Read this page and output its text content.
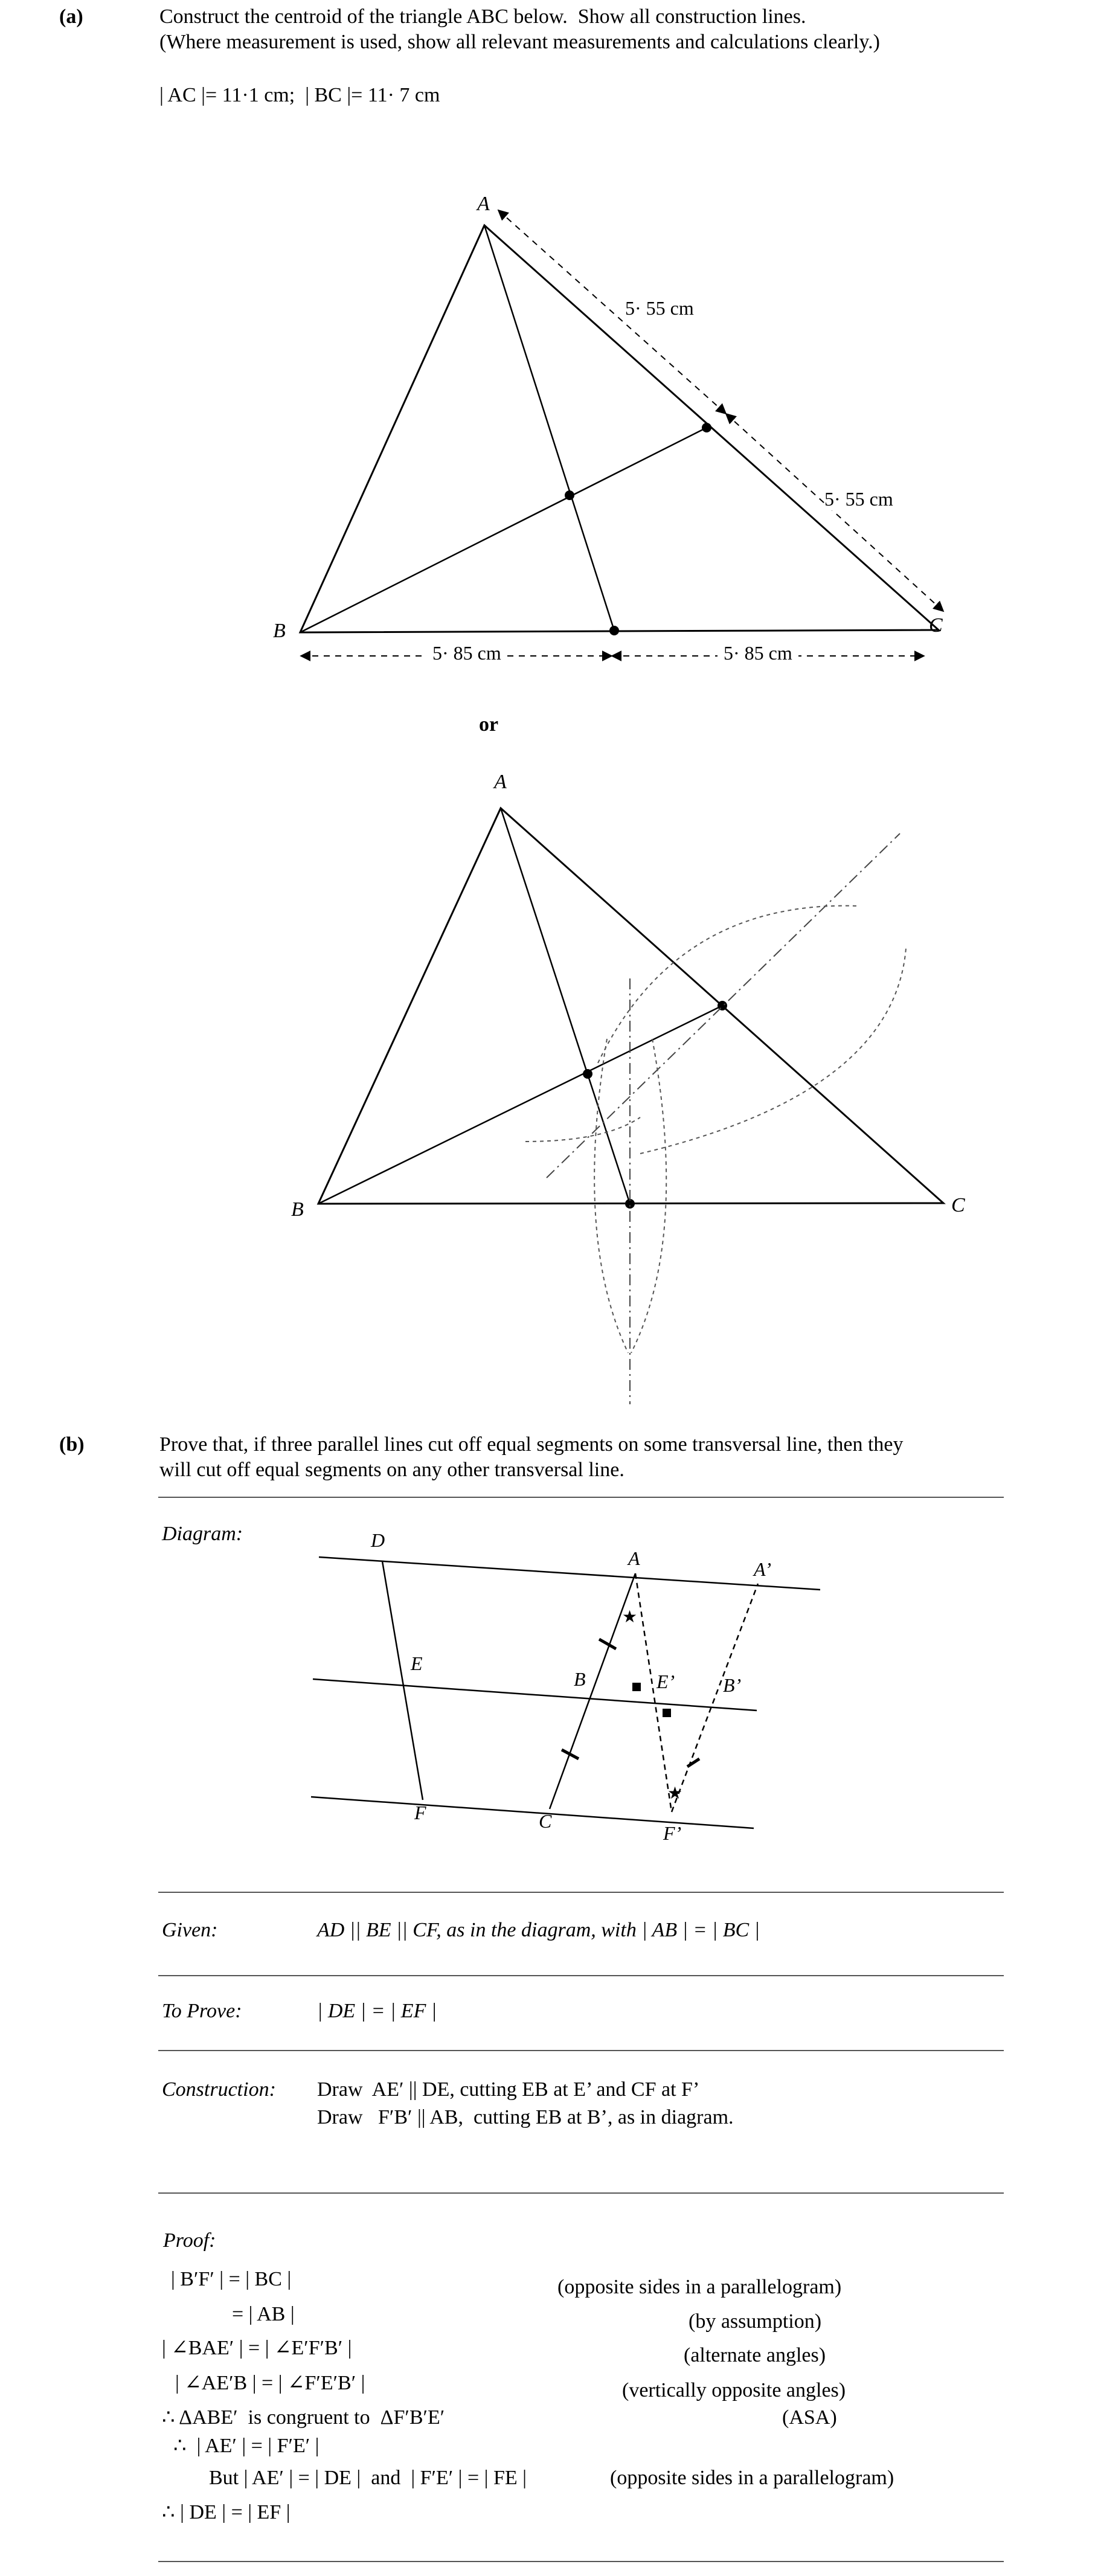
(a)	Construct the centroid of the triangle ABC below.  Show all construction lines.
(Where measurement is used, show all relevant measurements and calculations clearly.)
| AC |= 11·1 cm;  | BC |= 11· 7 cm
A
B	C
5· 55 cm
5· 55 cm
5· 85 cm	5· 85 cm
or
A
B	C
(b)	Prove that, if three parallel lines cut off equal segments on some transversal line, then they
will cut off equal segments on any other transversal line.
Diagram:
★
★
D
A	A’
E
B	E’ B’
F	C
F’
Given:	AD || BE || CF, as in the diagram, with | AB | = | BC |
To Prove:	| DE | = | EF |
Construction: Draw  AE′ || DE, cutting EB at E’ and CF at F’
Draw   F′B′ || AB,  cutting EB at B’, as in diagram.
Proof:
| B′F′ | = | BC |	(opposite sides in a parallelogram)
= | AB |	(by assumption)
| ∠BAE′ | = | ∠E′F′B′ |	(alternate angles)
| ∠AE′B | = | ∠F′E′B′ |	(vertically opposite angles)
∴ ΔABE′  is congruent to  ΔF′B′E′	(ASA)
∴  | AE′ | = | F′E′ |
But | AE′ | = | DE |  and  | F′E′ | = | FE |	(opposite sides in a parallelogram)
∴ | DE | = | EF |
